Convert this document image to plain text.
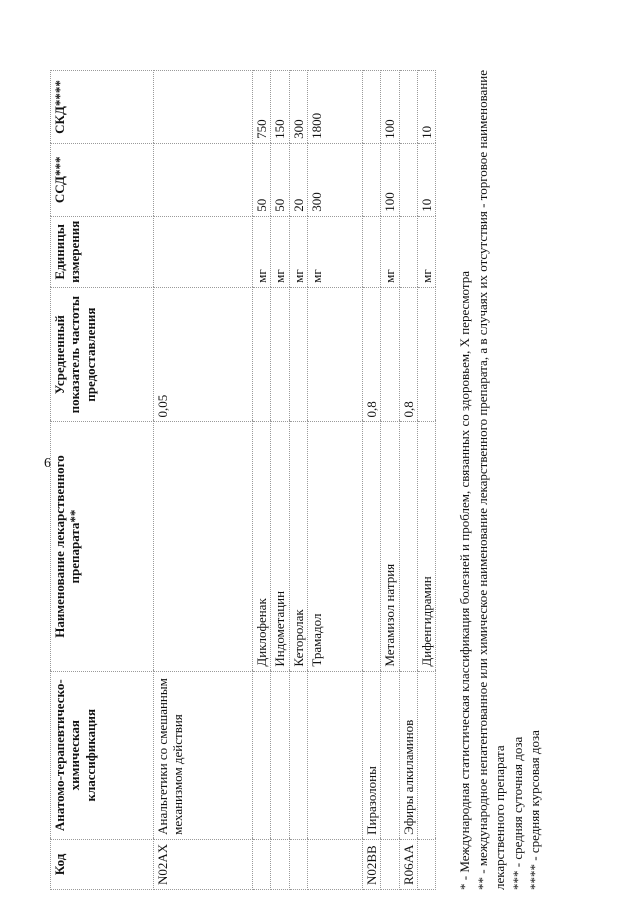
6
Код	Анатомо-терапевтическо-химическая классификация	Наименование лекарственного препарата**	Усредненный показатель частоты предоставления	Единицы измерения	ССД***	СКД****
N02AX	Анальгетики со смешанным механизмом действия		0,05			
		Диклофенак		мг	50	750
		Индометацин		мг	50	150
		Кеторолак		мг	20	300
		Трамадол		мг	300	1800
N02BB	Пиразолоны		0,8			
		Метамизол натрия		мг	100	100
R06AA	Эфиры алкиламинов		0,8			
		Дифенгидрамин		мг	10	10

* - Международная статистическая классификация болезней и проблем, связанных со здоровьем, X пересмотра ** - международное непатентованное или химическое наименование лекарственного препарата, а в случаях их отсутствия - торговое наименование лекарственного препарата *** - средняя суточная доза **** - средняя курсовая доза
